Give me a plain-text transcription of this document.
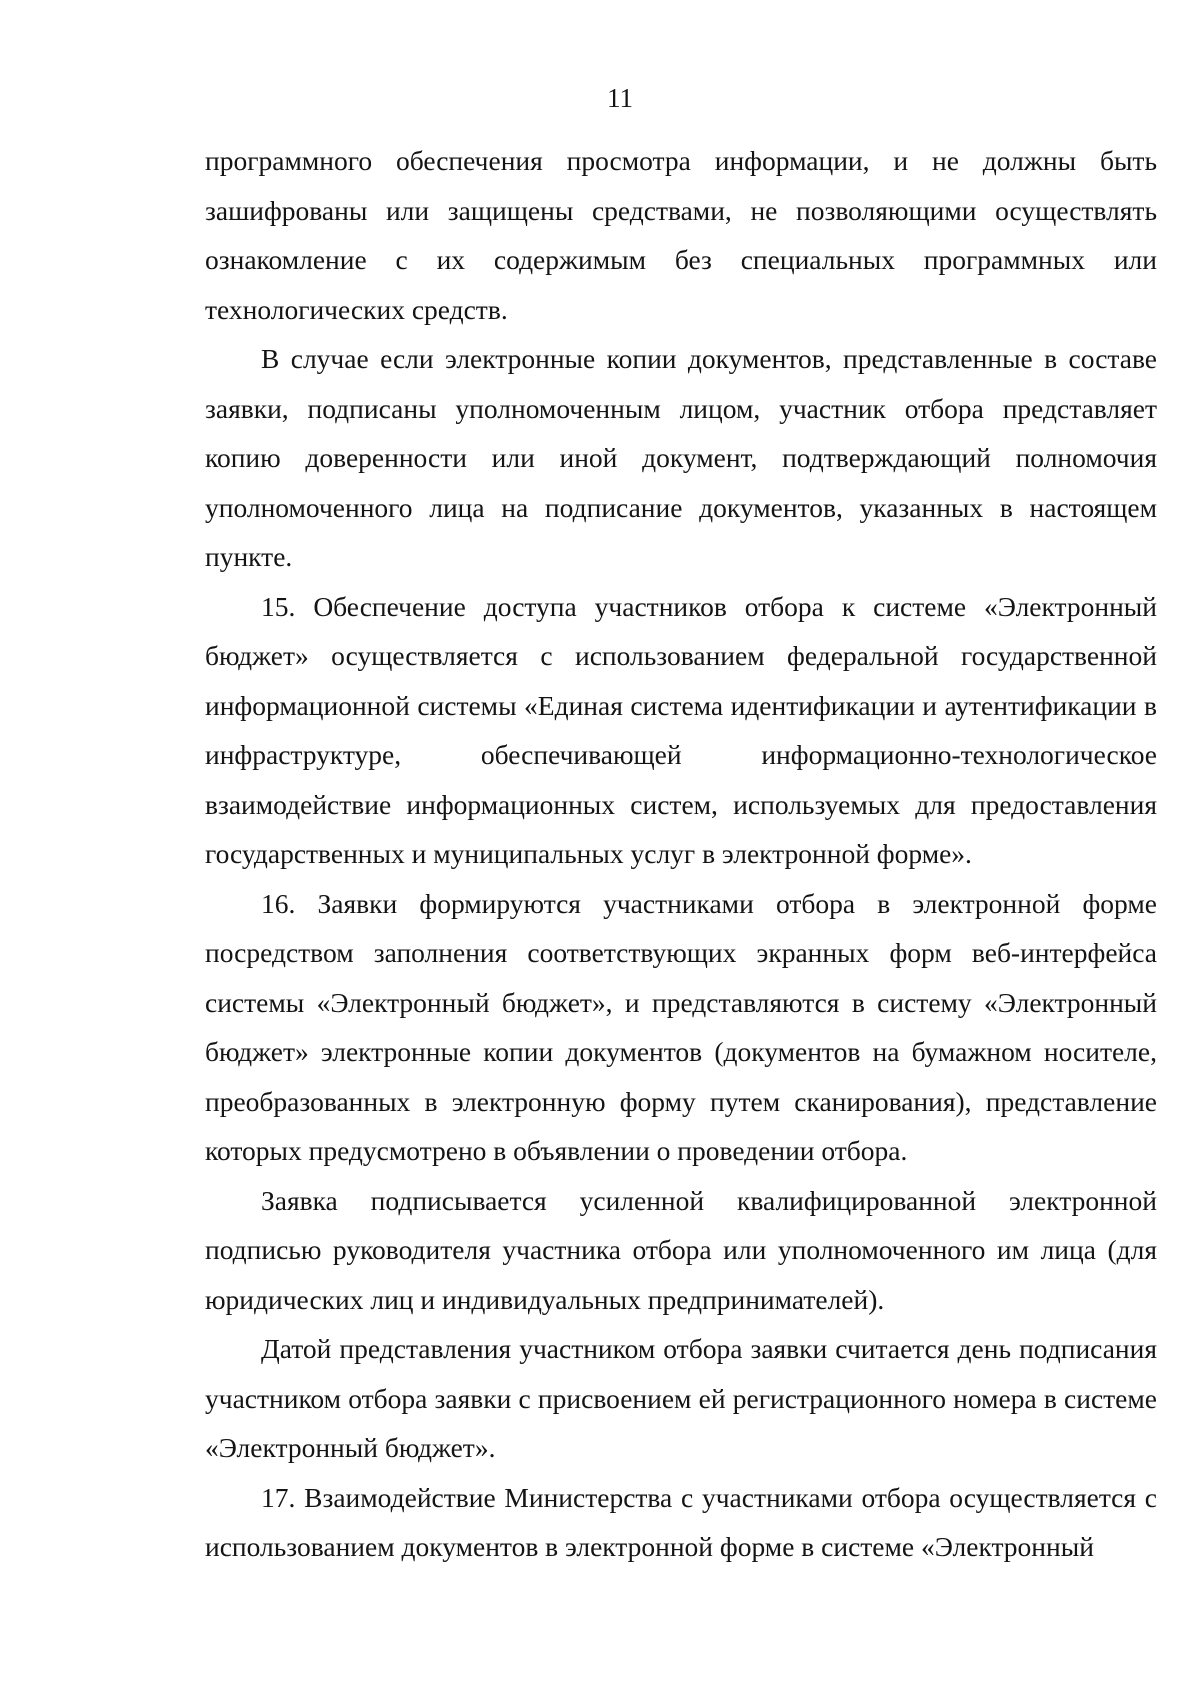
11

программного обеспечения просмотра информации, и не должны быть зашифрованы или защищены средствами, не позволяющими осуществлять ознакомление с их содержимым без специальных программных или технологических средств.

В случае если электронные копии документов, представленные в составе заявки, подписаны уполномоченным лицом, участник отбора представляет копию доверенности или иной документ, подтверждающий полномочия уполномоченного лица на подписание документов, указанных в настоящем пункте.

15. Обеспечение доступа участников отбора к системе «Электронный бюджет» осуществляется с использованием федеральной государственной информационной системы «Единая система идентификации и аутентификации в инфраструктуре, обеспечивающей информационно-технологическое взаимодействие информационных систем, используемых для предоставления государственных и муниципальных услуг в электронной форме».

16. Заявки формируются участниками отбора в электронной форме посредством заполнения соответствующих экранных форм веб-интерфейса системы «Электронный бюджет», и представляются в систему «Электронный бюджет» электронные копии документов (документов на бумажном носителе, преобразованных в электронную форму путем сканирования), представление которых предусмотрено в объявлении о проведении отбора.

Заявка подписывается усиленной квалифицированной электронной подписью руководителя участника отбора или уполномоченного им лица (для юридических лиц и индивидуальных предпринимателей).

Датой представления участником отбора заявки считается день подписания участником отбора заявки с присвоением ей регистрационного номера в системе «Электронный бюджет».

17. Взаимодействие Министерства с участниками отбора осуществляется с использованием документов в электронной форме в системе «Электронный
